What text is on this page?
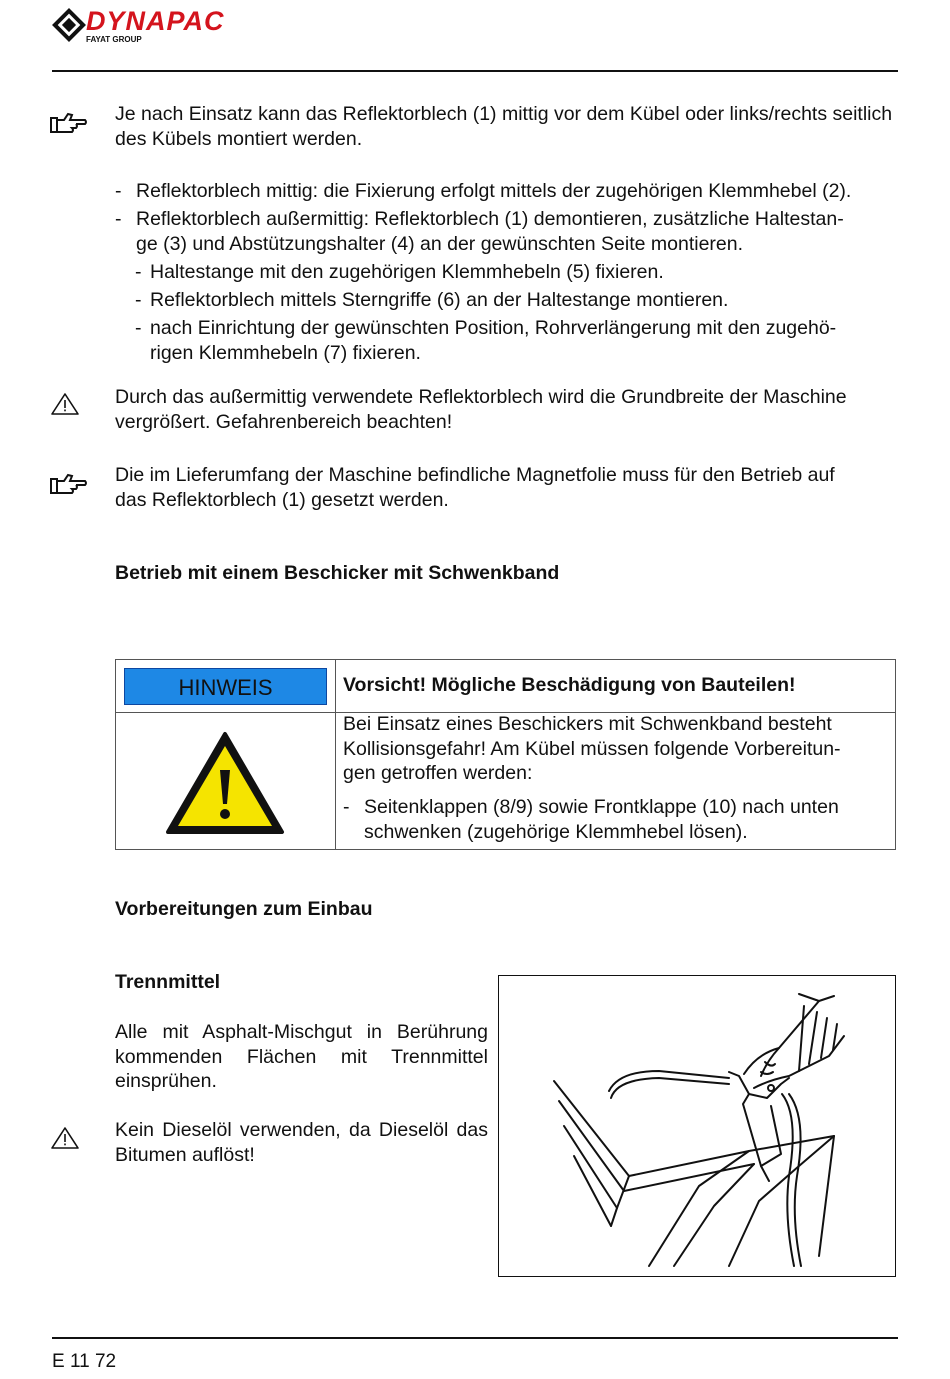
DYNAPAC
FAYAT GROUP

Je nach Einsatz kann das Reflektorblech (1) mittig vor dem Kübel oder links/rechts seitlich des Kübels montiert werden.

- Reflektorblech mittig: die Fixierung erfolgt mittels der zugehörigen Klemmhebel (2).
- Reflektorblech außermittig: Reflektorblech (1) demontieren, zusätzliche Haltestan-
ge (3) und Abstützungshalter (4) an der gewünschten Seite montieren.
- Haltestange mit den zugehörigen Klemmhebeln (5) fixieren.
- Reflektorblech mittels Sterngriffe (6) an der Haltestange montieren.
- nach Einrichtung der gewünschten Position, Rohrverlängerung mit den zugehö-
rigen Klemmhebeln (7) fixieren.
Durch das außermittig verwendete Reflektorblech wird die Grundbreite der Maschine
vergrößert. Gefahrenbereich beachten!
Die im Lieferumfang der Maschine befindliche Magnetfolie muss für den Betrieb auf
das Reflektorblech (1) gesetzt werden.
Betrieb mit einem Beschicker mit Schwenkband
HINWEIS	Vorsicht! Mögliche Beschädigung von Bauteilen!
Bei Einsatz eines Beschickers mit Schwenkband besteht
Kollisionsgefahr! Am Kübel müssen folgende Vorbereitun-
gen getroffen werden:
- Seitenklappen (8/9) sowie Frontklappe (10) nach unten
schwenken (zugehörige Klemmhebel lösen).
Vorbereitungen zum Einbau
Trennmittel

Alle mit Asphalt-Mischgut in Berührung kommenden Flächen mit Trennmittel einsprühen.

Kein Dieselöl verwenden, da Dieselöl das Bitumen auflöst!

E 11 72
